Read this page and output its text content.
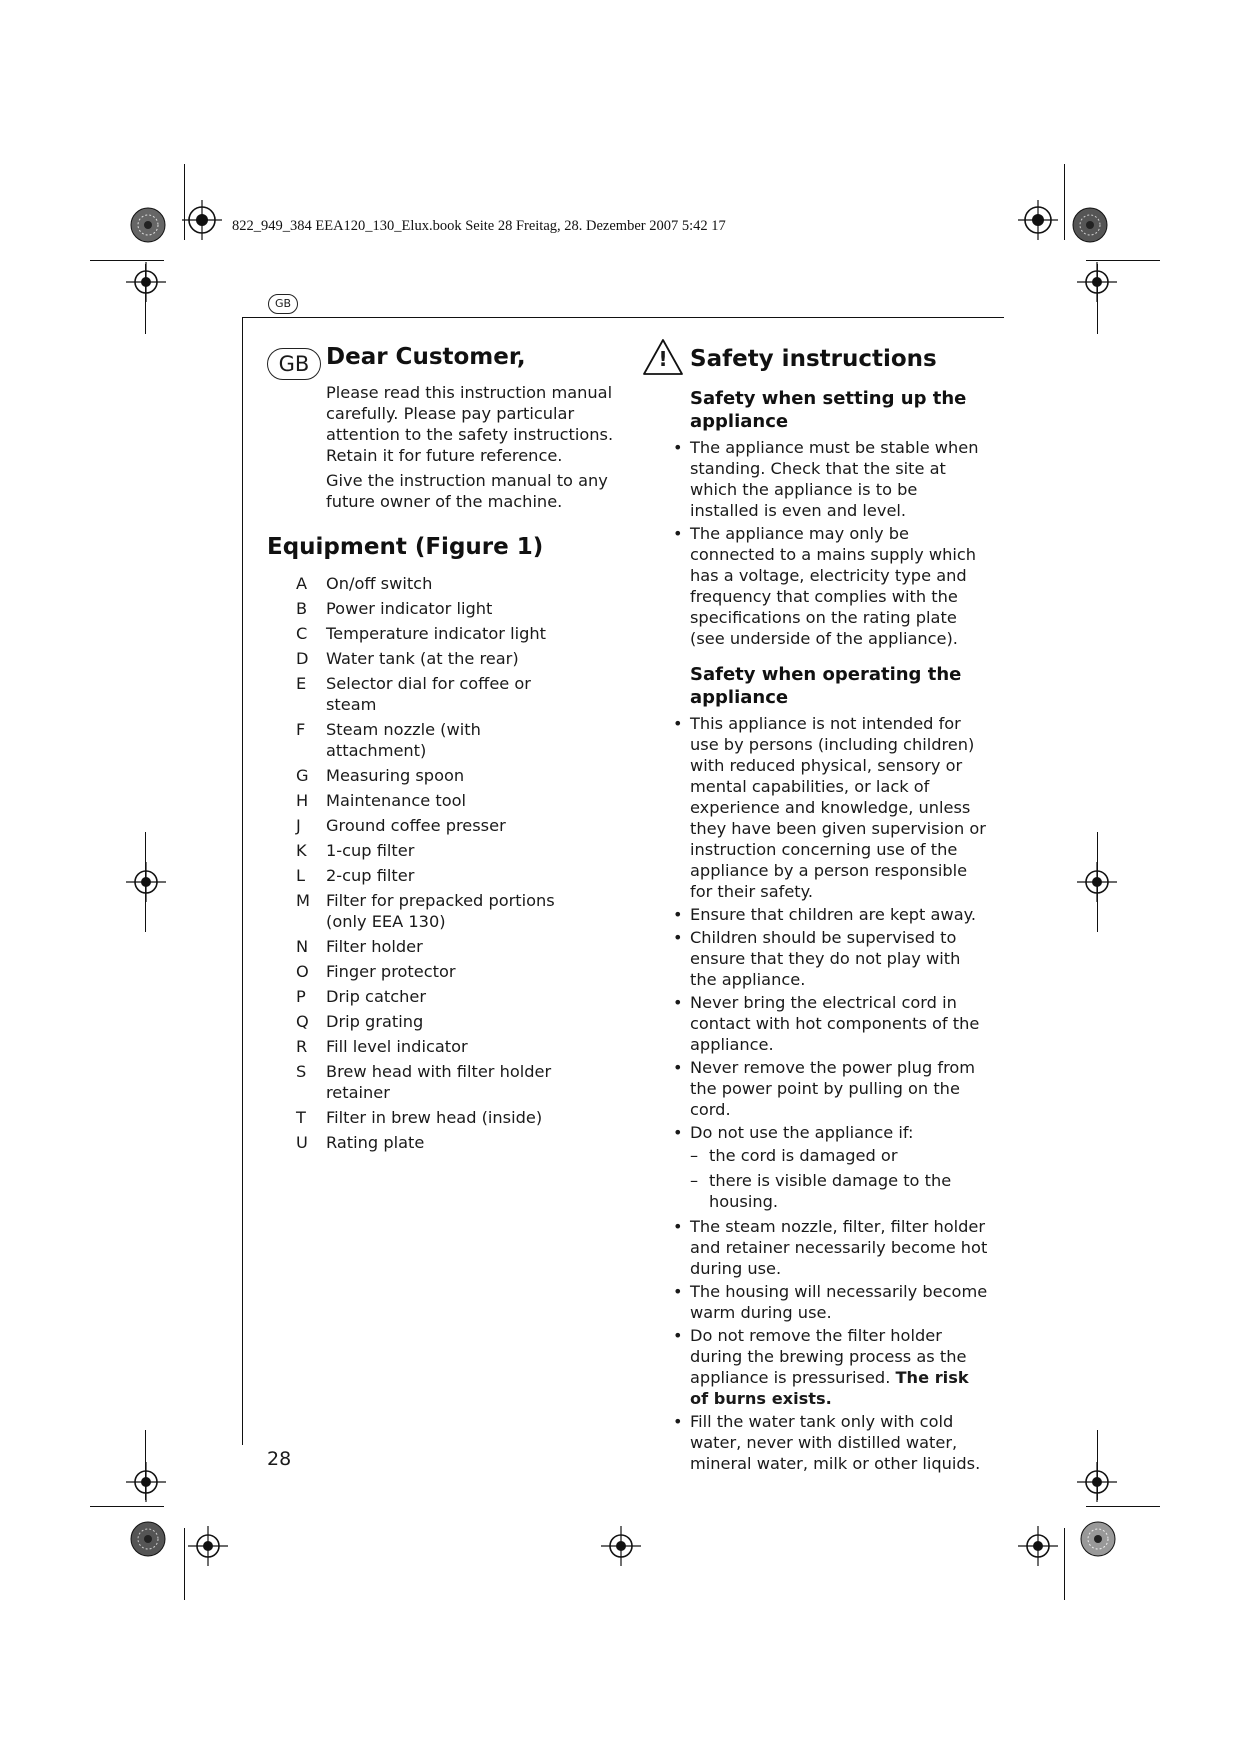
822_949_384 EEA120_130_Elux.book Seite 28 Freitag, 28. Dezember 2007 5:42 17
GB
GB Dear Customer,

Please read this instruction manual carefully. Please pay particular attention to the safety instructions. Retain it for future reference.

Give the instruction manual to any future owner of the machine.

Equipment (Figure 1)
A	On/off switch
B	Power indicator light
C	Temperature indicator light
D	Water tank (at the rear)
E	Selector dial for coffee or steam
F	Steam nozzle (with attachment)
G	Measuring spoon
H	Maintenance tool
J	Ground coffee presser
K	1-cup filter
L	2-cup filter
M Filter for prepacked portions (only EEA 130)
N	Filter holder
O	Finger protector
P	Drip catcher
Q	Drip grating
R	Fill level indicator
S	Brew head with filter holder retainer
T	Filter in brew head (inside)
U	Rating plate
! Safety instructions
Safety when setting up the appliance
• The appliance must be stable when standing. Check that the site at which the appliance is to be installed is even and level.
• The appliance may only be connected to a mains supply which has a voltage, electricity type and frequency that complies with the specifications on the rating plate (see underside of the appliance).
Safety when operating the appliance
• This appliance is not intended for use by persons (including children) with reduced physical, sensory or mental capabilities, or lack of experience and knowledge, unless they have been given supervision or instruction concerning use of the appliance by a person responsible for their safety.
• Ensure that children are kept away.
• Children should be supervised to ensure that they do not play with the appliance.
• Never bring the electrical cord in contact with hot components of the appliance.
• Never remove the power plug from the power point by pulling on the cord.
• Do not use the appliance if:
– the cord is damaged or
– there is visible damage to the housing.
• The steam nozzle, filter, filter holder and retainer necessarily become hot during use.
• The housing will necessarily become warm during use.
• Do not remove the filter holder during the brewing process as the appliance is pressurised. The risk of burns exists.
• Fill the water tank only with cold water, never with distilled water, mineral water, milk or other liquids.
28
